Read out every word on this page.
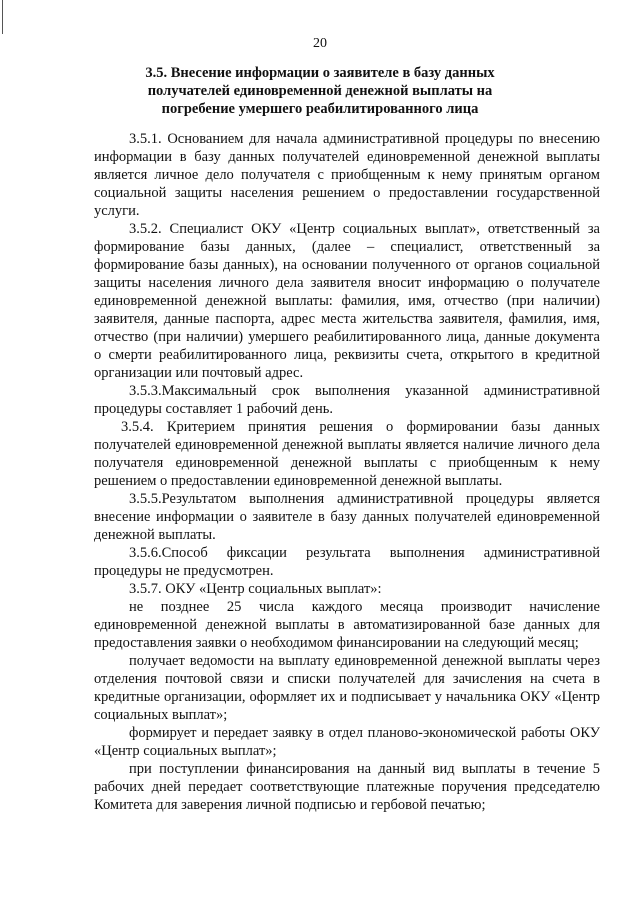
20
3.5. Внесение информации о заявителе в базу данных получателей единовременной денежной выплаты на погребение умершего реабилитированного лица

3.5.1. Основанием для начала административной процедуры по внесению информации в базу данных получателей единовременной денежной выплаты является личное дело получателя с приобщенным к нему принятым органом социальной защиты населения решением о предоставлении государственной услуги.

3.5.2. Специалист ОКУ «Центр социальных выплат», ответственный за формирование базы данных, (далее – специалист, ответственный за формирование базы данных), на основании полученного от органов социальной защиты населения личного дела заявителя вносит информацию о получателе единовременной денежной выплаты: фамилия, имя, отчество (при наличии) заявителя, данные паспорта, адрес места жительства заявителя, фамилия, имя, отчество (при наличии) умершего реабилитированного лица, данные документа о смерти реабилитированного лица, реквизиты счета, открытого в кредитной организации или почтовый адрес.

3.5.3.Максимальный срок выполнения указанной административной процедуры составляет 1 рабочий день.

3.5.4. Критерием принятия решения о формировании базы данных получателей единовременной денежной выплаты является наличие личного дела получателя единовременной денежной выплаты с приобщенным к нему решением о предоставлении единовременной денежной выплаты.

3.5.5.Результатом выполнения административной процедуры является внесение информации о заявителе в базу данных получателей единовременной денежной выплаты.

3.5.6.Способ фиксации результата выполнения административной процедуры не предусмотрен.

3.5.7. ОКУ «Центр социальных выплат»:

не позднее 25 числа каждого месяца производит начисление единовременной денежной выплаты в автоматизированной базе данных для предоставления заявки о необходимом финансировании на следующий месяц;

получает ведомости на выплату единовременной денежной выплаты через отделения почтовой связи и списки получателей для зачисления на счета в кредитные организации, оформляет их и подписывает у начальника ОКУ «Центр социальных выплат»;

формирует и передает заявку в отдел планово-экономической работы ОКУ «Центр социальных выплат»;

при поступлении финансирования на данный вид выплаты в течение 5 рабочих дней передает соответствующие платежные поручения председателю Комитета для заверения личной подписью и гербовой печатью;
